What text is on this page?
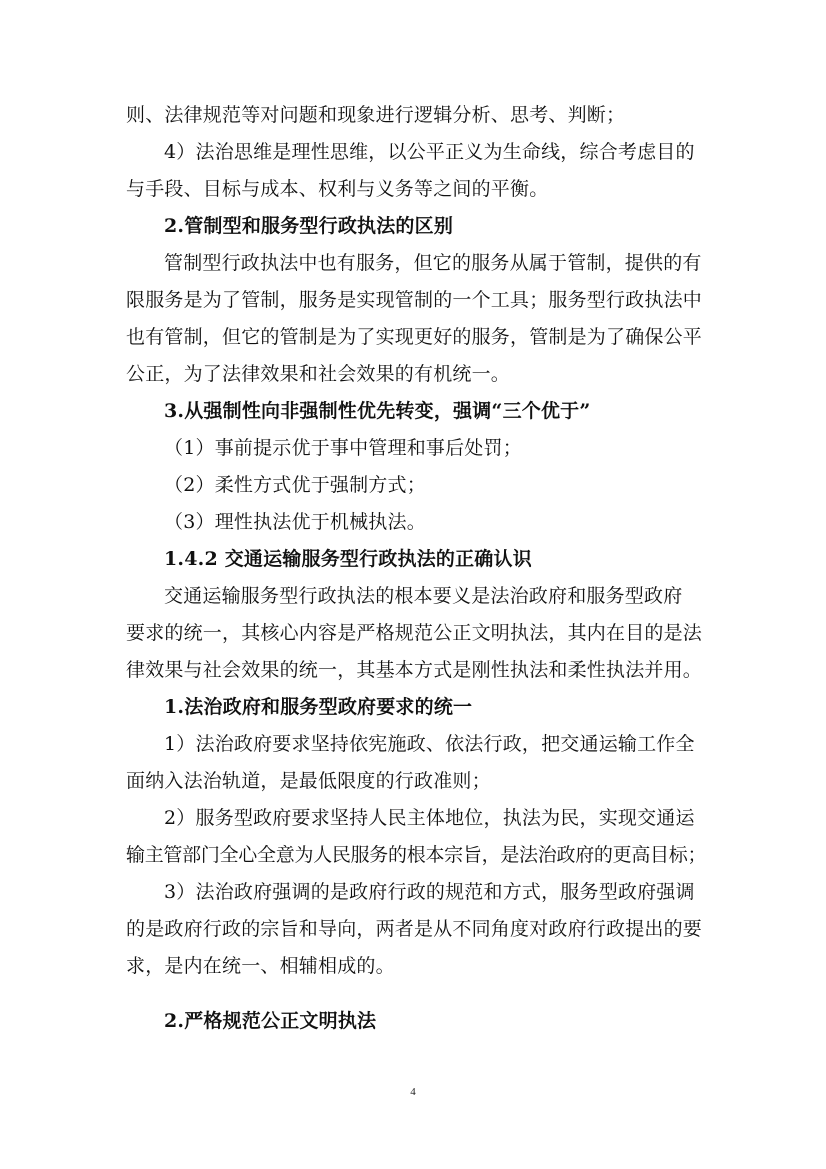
则、法律规范等对问题和现象进行逻辑分析、思考、判断；
4）法治思维是理性思维，以公平正义为生命线，综合考虑目的
与手段、目标与成本、权利与义务等之间的平衡。
2.管制型和服务型行政执法的区别
管制型行政执法中也有服务，但它的服务从属于管制，提供的有
限服务是为了管制，服务是实现管制的一个工具；服务型行政执法中
也有管制，但它的管制是为了实现更好的服务，管制是为了确保公平
公正，为了法律效果和社会效果的有机统一。
3.从强制性向非强制性优先转变，强调“三个优于”
（1）事前提示优于事中管理和事后处罚；
（2）柔性方式优于强制方式；
（3）理性执法优于机械执法。
1.4.2 交通运输服务型行政执法的正确认识
交通运输服务型行政执法的根本要义是法治政府和服务型政府
要求的统一，其核心内容是严格规范公正文明执法，其内在目的是法
律效果与社会效果的统一，其基本方式是刚性执法和柔性执法并用。
1.法治政府和服务型政府要求的统一
1）法治政府要求坚持依宪施政、依法行政，把交通运输工作全
面纳入法治轨道，是最低限度的行政准则；
2）服务型政府要求坚持人民主体地位，执法为民，实现交通运
输主管部门全心全意为人民服务的根本宗旨，是法治政府的更高目标；
3）法治政府强调的是政府行政的规范和方式，服务型政府强调
的是政府行政的宗旨和导向，两者是从不同角度对政府行政提出的要
求，是内在统一、相辅相成的。
2.严格规范公正文明执法
4
